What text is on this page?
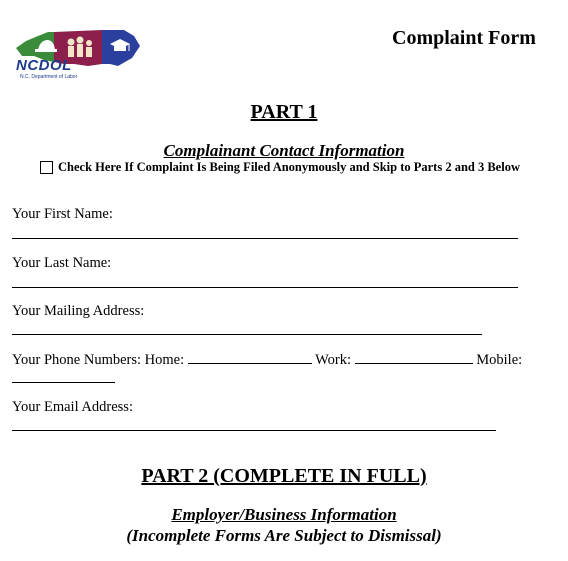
NCDOL
N.C. Department of Labor
Complaint Form
PART 1
Complainant Contact Information
Check Here If Complaint Is Being Filed Anonymously and Skip to Parts 2 and 3 Below
Your First Name:
Your Last Name:
Your Mailing Address:
Your Phone Numbers: Home:	Work:	Mobile:
Your Email Address:
PART 2 (COMPLETE IN FULL)
Employer/Business Information
(Incomplete Forms Are Subject to Dismissal)
